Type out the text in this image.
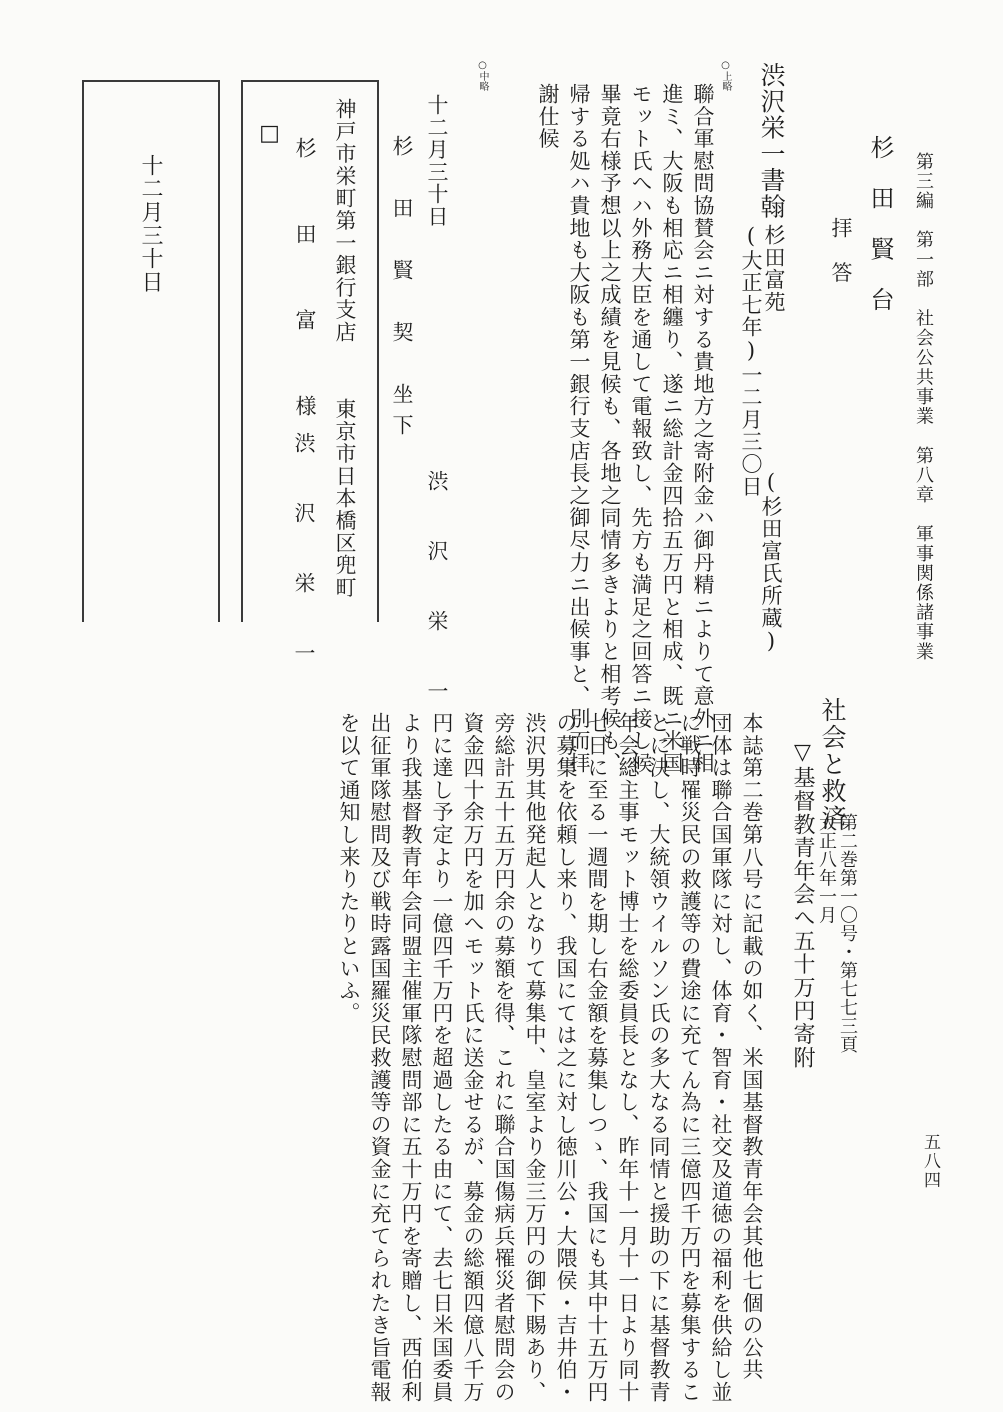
第三編　第一部　社会公共事業　第八章　軍事関係諸事業
五八四
杉　田　賢　台
拝　答
渋沢栄一書翰
杉田富苑
(大正七年)一二月三〇日
(杉田富氏所蔵)
○上略
聯合軍慰問協賛会ニ対する貴地方之寄附金ハ御丹精ニよりて意外ニ相
進ミ、大阪も相応ニ相纏り、遂ニ総計金四拾五万円と相成、既ニ米国
モット氏へハ外務大臣を通して電報致し、先方も満足之回答ニ接し候
畢竟右様予想以上之成績を見候も、各地之同情多きよりと相考候も、
帰する処ハ貴地も大阪も第一銀行支店長之御尽力ニ出候事と、別而拝
謝仕候
○中略
十二月三十日
渋　沢　栄　一
杉　田　賢　契　坐下
□ 神戸市栄町第一銀行支店
杉　田　富　様
東京市日本橋区兜町
渋　沢　栄　一
十二月三十日
社会と救済
第二巻第一〇号・第七七三頁
大正八年一月
▽基督教青年会へ五十万円寄附
本誌第二巻第八号に記載の如く、米国基督教青年会其他七個の公共
団体は聯合国軍隊に対し、体育・智育・社交及道徳の福利を供給し並
に戦時罹災民の救護等の費途に充てん為に三億四千万円を募集するこ
とに決し、大統領ウイルソン氏の多大なる同情と援助の下に基督教青
年会総主事モット博士を総委員長となし、昨年十一月十一日より同十
七日に至る一週間を期し右金額を募集しつゝ、我国にも其中十五万円
の募集を依頼し来り、我国にては之に対し徳川公・大隈侯・吉井伯・
渋沢男其他発起人となりて募集中、皇室より金三万円の御下賜あり、
旁総計五十五万円余の募額を得、これに聯合国傷病兵罹災者慰問会の
資金四十余万円を加へモット氏に送金せるが、募金の総額四億八千万
円に達し予定より一億四千万円を超過したる由にて、去七日米国委員
より我基督教青年会同盟主催軍隊慰問部に五十万円を寄贈し、西伯利
出征軍隊慰問及び戦時露国羅災民救護等の資金に充てられたき旨電報
を以て通知し来りたりといふ。
